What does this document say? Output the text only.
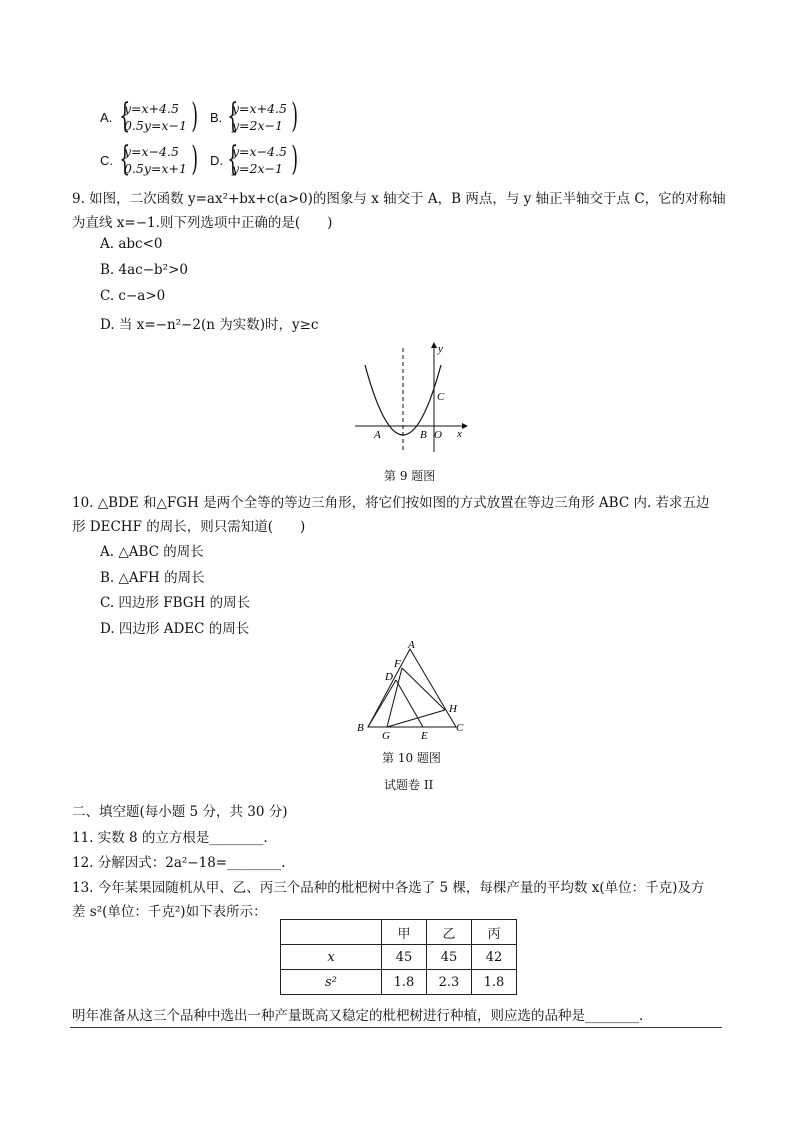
A. {
y=x+4.5
0.5y=x−1 ) B. {
y=x+4.5
y=2x−1 )
C. {
y=x−4.5
0.5y=x+1 ) D. {
y=x−4.5
y=2x−1 )
9. 如图，二次函数 y=ax²+bx+c(a>0)的图象与 x 轴交于 A，B 两点，与 y 轴正半轴交于点 C，它的对称轴
为直线 x=−1.则下列选项中正确的是(　　)
A. abc<0
B. 4ac−b²>0
C. c−a>0
D. 当 x=−n²−2(n 为实数)时，y≥c
y
x
C
A	B O
第 9 题图
10. △BDE 和△FGH 是两个全等的等边三角形，将它们按如图的方式放置在等边三角形 ABC 内. 若求五边
形 DECHF 的周长，则只需知道(　　)
A. △ABC 的周长
B. △AFH 的周长
C. 四边形 FBGH 的周长
D. 四边形 ADEC 的周长
A
F
D
H
B	C
G	E
第 10 题图
试题卷 II
二、填空题(每小题 5 分，共 30 分)
11. 实数 8 的立方根是________.
12. 分解因式：2a²−18=________.
13. 今年某果园随机从甲、乙、丙三个品种的枇杷树中各选了 5 棵，每棵产量的平均数 x(单位：千克)及方
差 s²(单位：千克²)如下表所示：
	甲	乙	丙
x	45	45	42
s²	1.8	2.3	1.8
明年准备从这三个品种中选出一种产量既高又稳定的枇杷树进行种植，则应选的品种是________.
